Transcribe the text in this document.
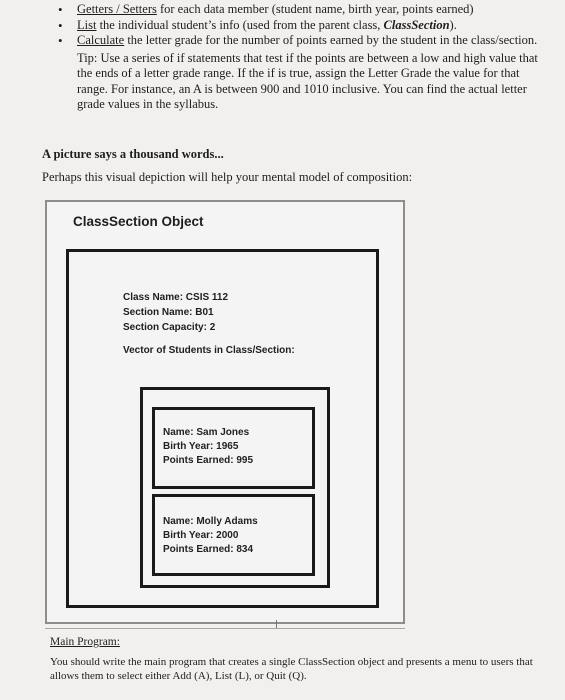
• Getters / Setters for each data member (student name, birth year, points earned)
• List the individual student’s info (used from the parent class, ClassSection).
• Calculate the letter grade for the number of points earned by the student in the class/section.
Tip: Use a series of if statements that test if the points are between a low and high value that the ends of a letter grade range. If the if is true, assign the Letter Grade the value for that range. For instance, an A is between 900 and 1010 inclusive. You can find the actual letter grade values in the syllabus.
A picture says a thousand words...
Perhaps this visual depiction will help your mental model of composition:
ClassSection Object
Class Name: CSIS 112
Section Name: B01
Section Capacity: 2
Vector of Students in Class/Section:
Name: Sam Jones
Birth Year: 1965
Points Earned: 995
Name: Molly Adams
Birth Year: 2000
Points Earned: 834
Main Program:
You should write the main program that creates a single ClassSection object and presents a menu to users that allows them to select either Add (A), List (L), or Quit (Q).
